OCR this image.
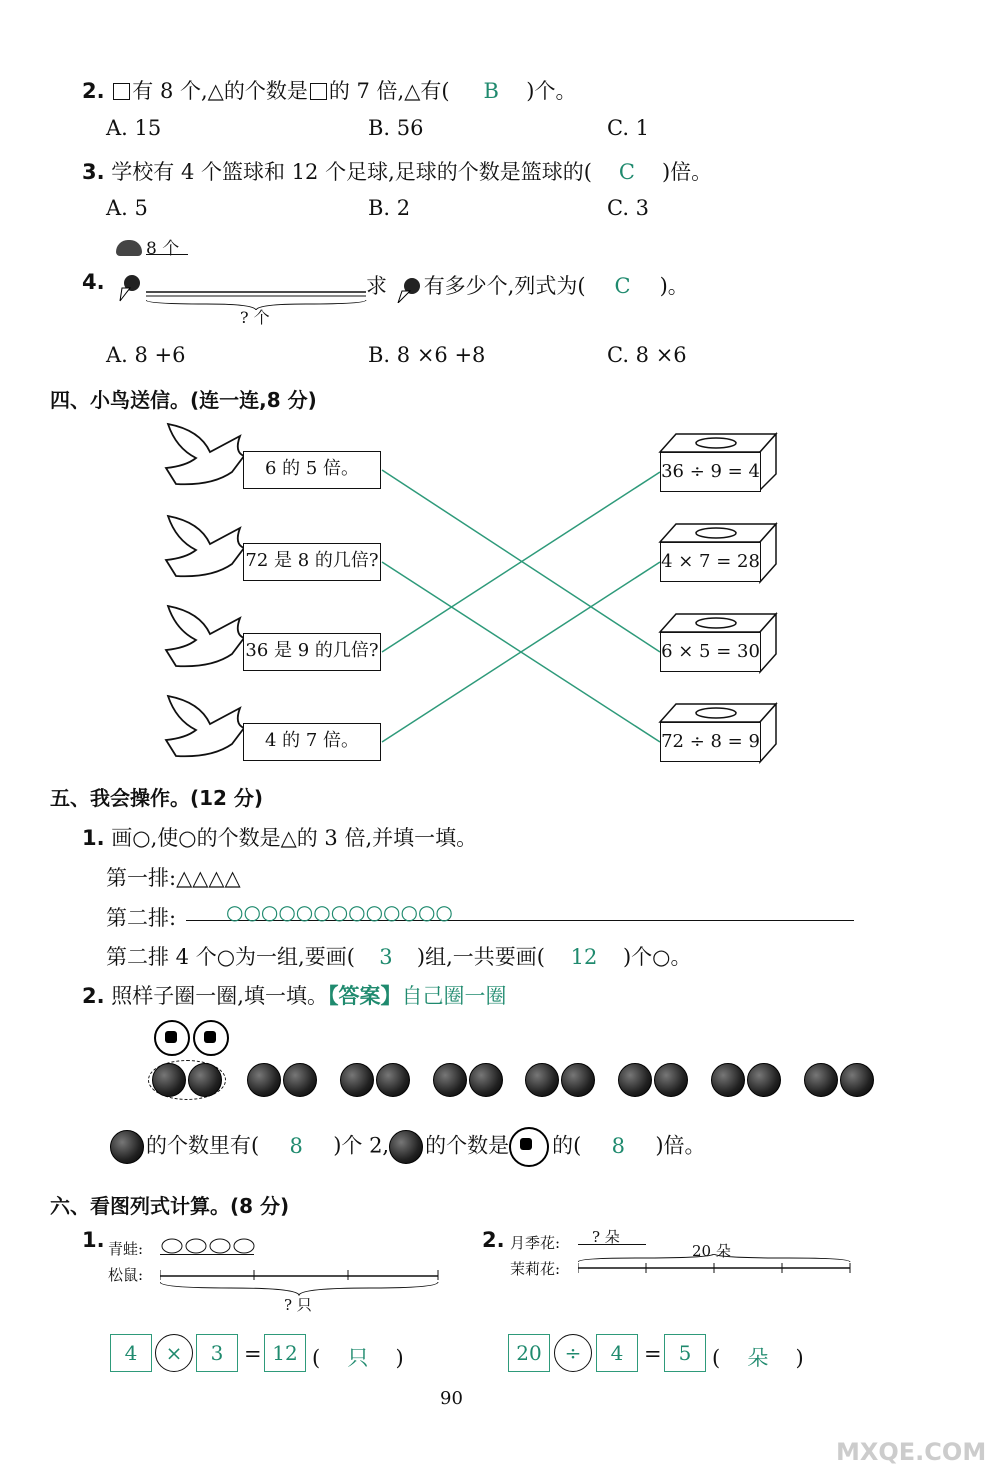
2. 有 8 个,△的个数是 的 7 倍,△有( B )个。
A. 15	B. 56	C. 1
3. 学校有 4 个篮球和 12 个足球,足球的个数是篮球的( C )倍。
A. 5	B. 2	C. 3
8 个
4.
? 个
求 有多少个,列式为( C )。
A. 8 +6	B. 8 ×6 +8	C. 8 ×6
四、小鸟送信。(连一连,8 分)
6 的 5 倍。
72 是 8 的几倍?
36 是 9 的几倍?
4 的 7 倍。
36 ÷ 9 = 4
4 × 7 = 28
6 × 5 = 30
72 ÷ 8 = 9
五、我会操作。(12 分)
1. 画○,使○的个数是△的 3 倍,并填一填。
第一排:△△△△
第二排: ○○○○○○○○○○○○○
第二排 4 个○为一组,要画( 3 )组,一共要画( 12 )个○。
2. 照样子圈一圈,填一填。【答案】自己圈一圈

的个数里有( 8 )个 2, 的个数是 的( 8 )倍。
六、看图列式计算。(8 分)
1. 青蛙:
松鼠:
? 只
4	×	3 = 12 ( 只 )
2. 月季花: ? 朵
20 朵
茉莉花:
20	÷	4 = 5 ( 朵 )
90
MXQE.COM
